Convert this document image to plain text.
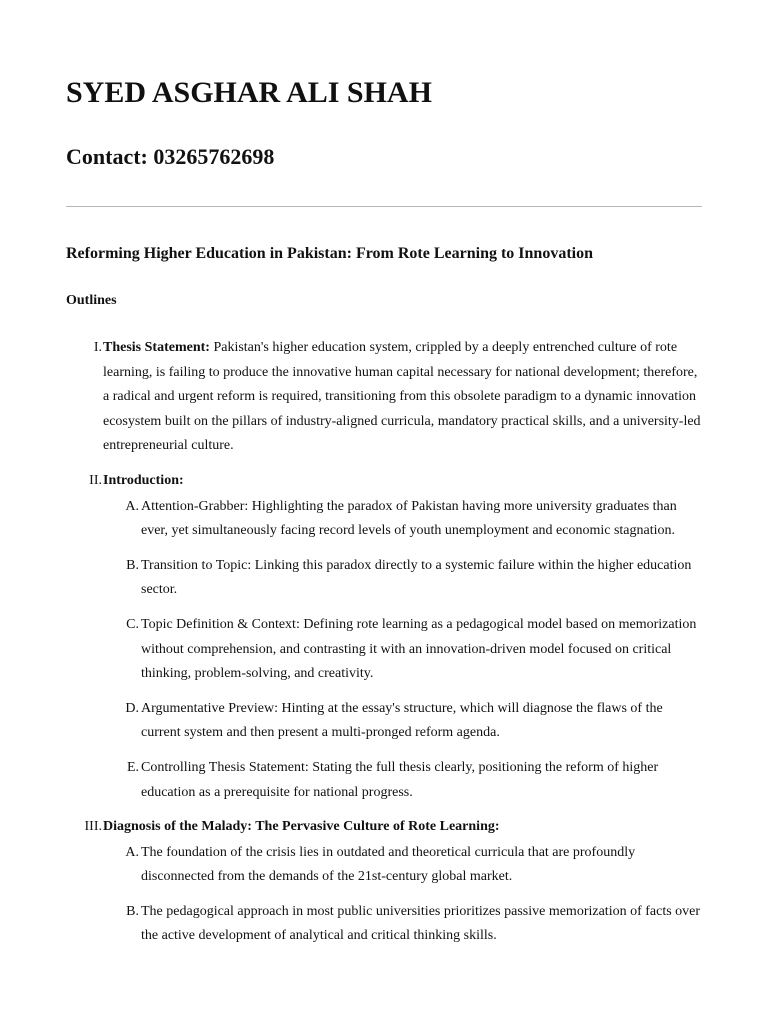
SYED ASGHAR ALI SHAH
Contact: 03265762698
Reforming Higher Education in Pakistan: From Rote Learning to Innovation
Outlines
I. Thesis Statement: Pakistan's higher education system, crippled by a deeply entrenched culture of rote learning, is failing to produce the innovative human capital necessary for national development; therefore, a radical and urgent reform is required, transitioning from this obsolete paradigm to a dynamic innovation ecosystem built on the pillars of industry-aligned curricula, mandatory practical skills, and a university-led entrepreneurial culture.
II. Introduction:
A. Attention-Grabber: Highlighting the paradox of Pakistan having more university graduates than ever, yet simultaneously facing record levels of youth unemployment and economic stagnation.
B. Transition to Topic: Linking this paradox directly to a systemic failure within the higher education sector.
C. Topic Definition & Context: Defining rote learning as a pedagogical model based on memorization without comprehension, and contrasting it with an innovation-driven model focused on critical thinking, problem-solving, and creativity.
D. Argumentative Preview: Hinting at the essay's structure, which will diagnose the flaws of the current system and then present a multi-pronged reform agenda.
E. Controlling Thesis Statement: Stating the full thesis clearly, positioning the reform of higher education as a prerequisite for national progress.
III. Diagnosis of the Malady: The Pervasive Culture of Rote Learning:
A. The foundation of the crisis lies in outdated and theoretical curricula that are profoundly disconnected from the demands of the 21st-century global market.
B. The pedagogical approach in most public universities prioritizes passive memorization of facts over the active development of analytical and critical thinking skills.
